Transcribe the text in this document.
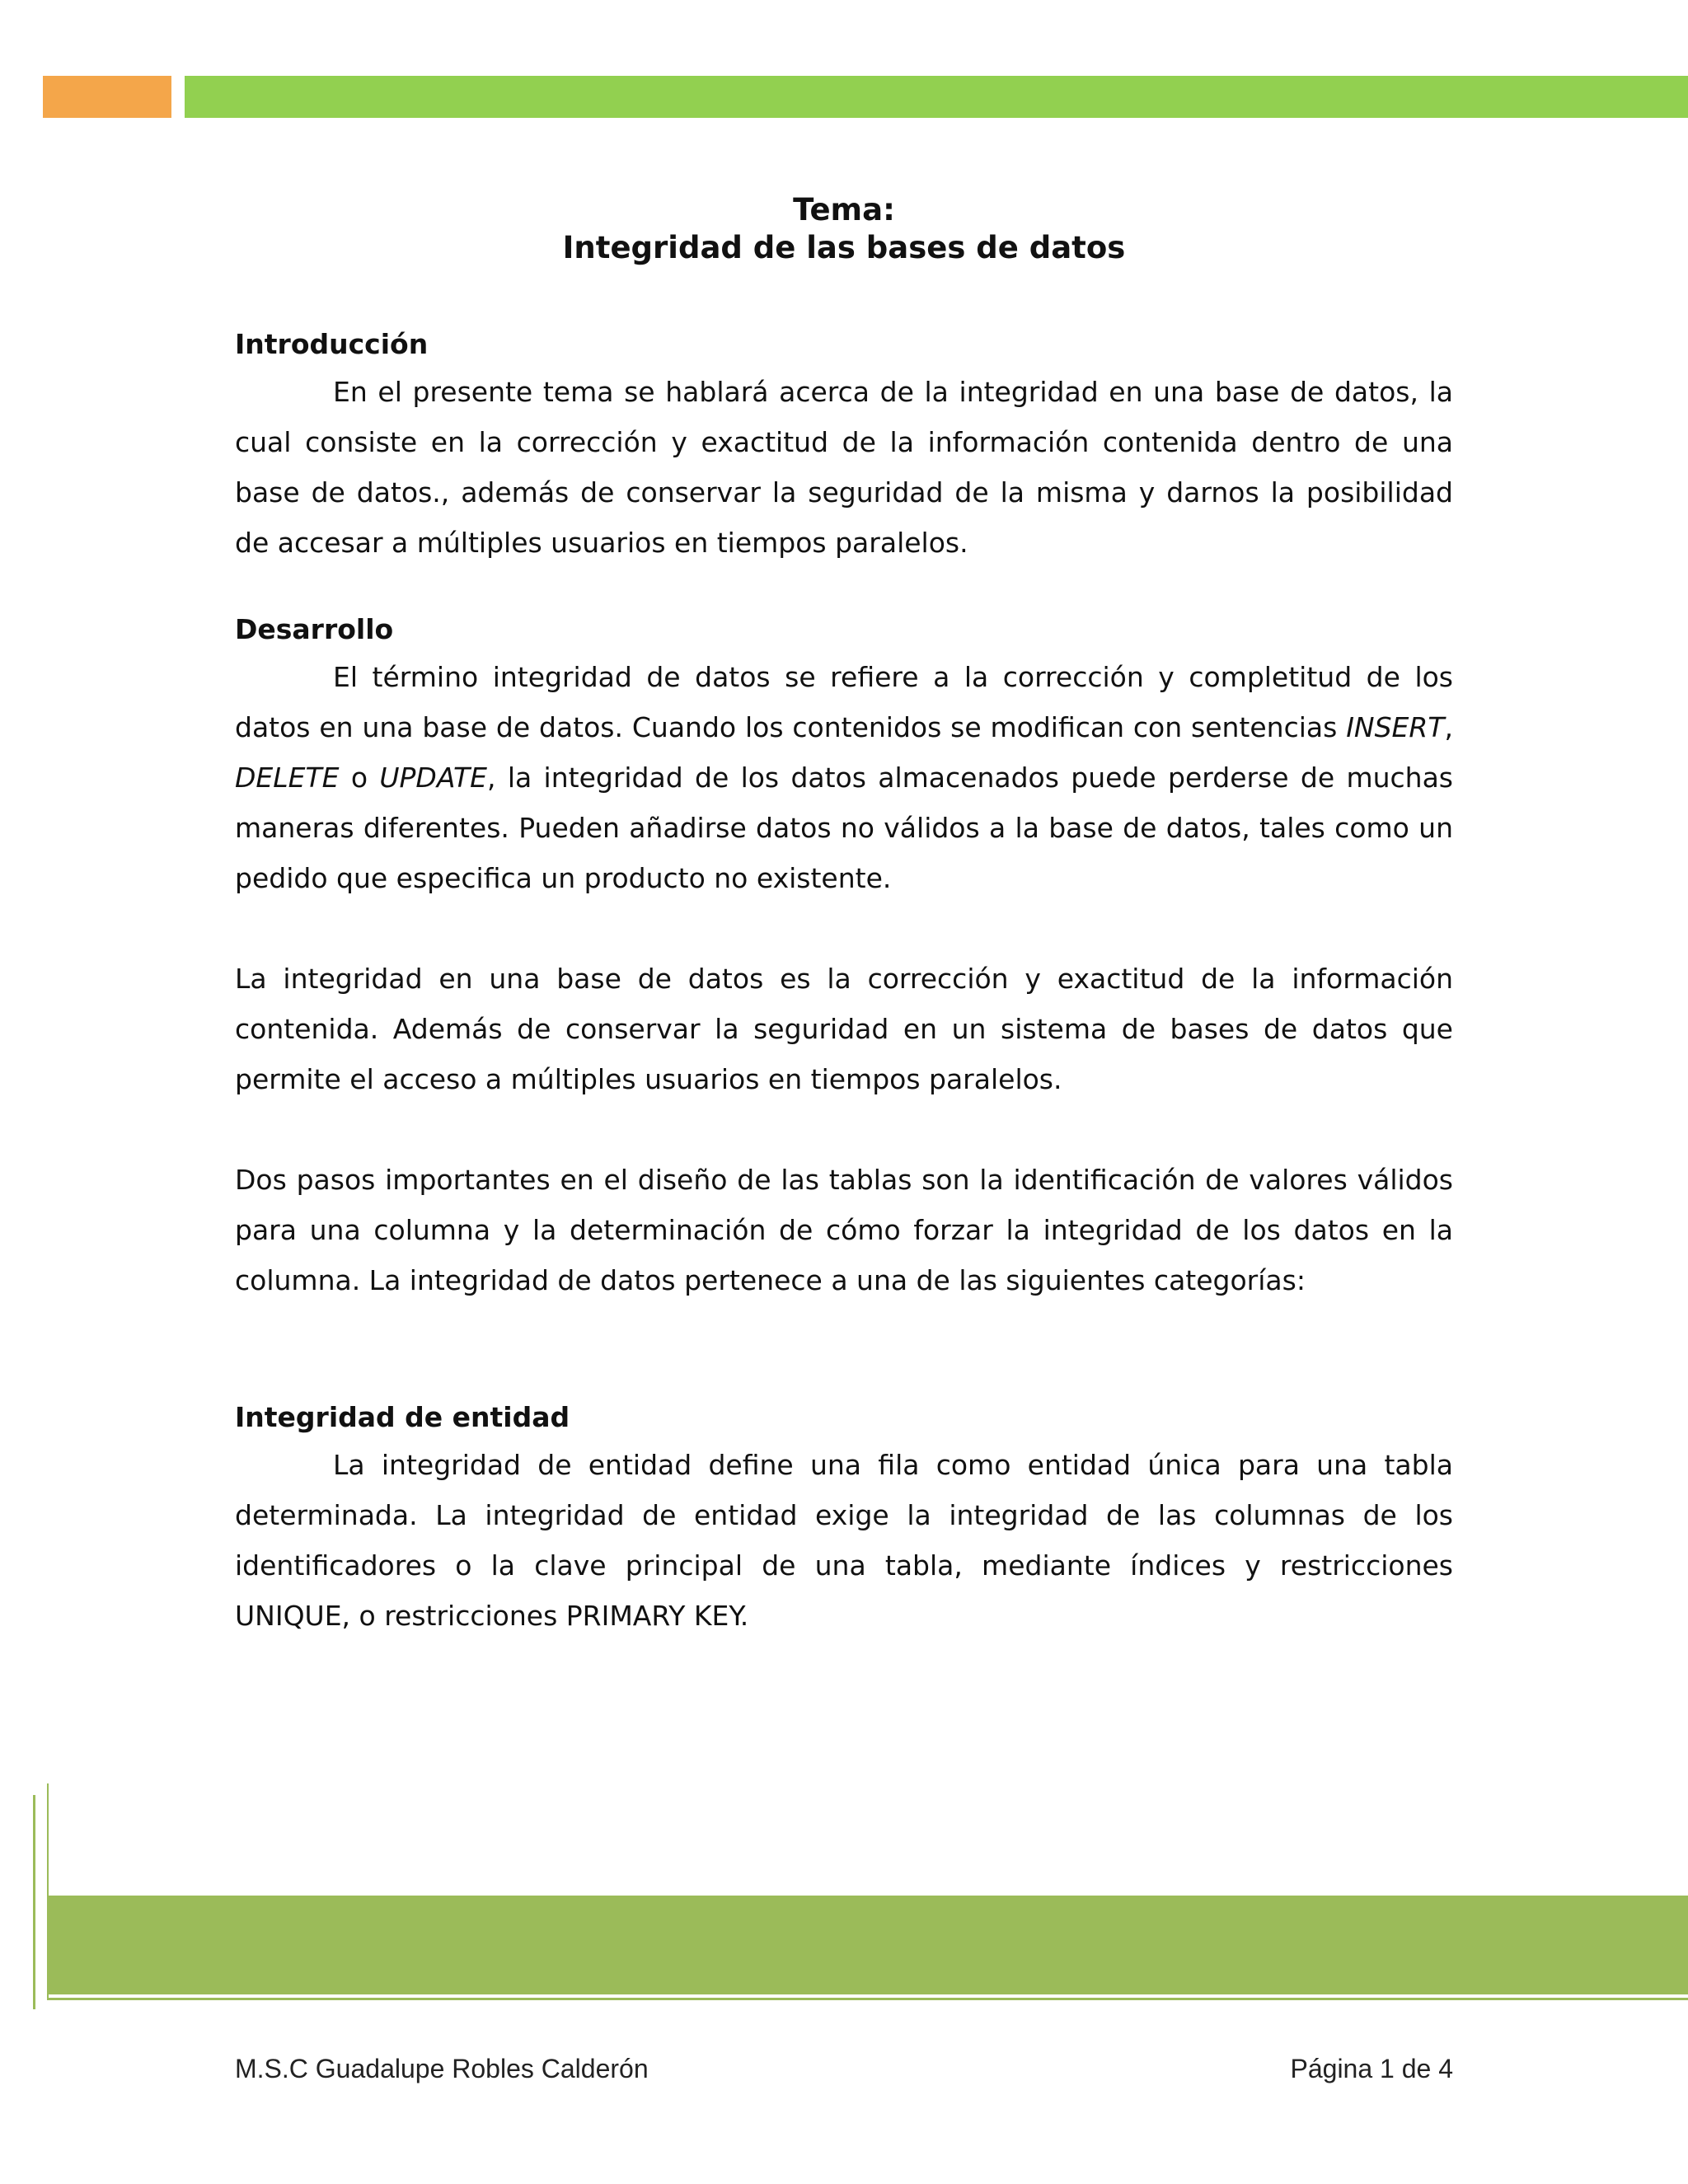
Tema:

Integridad de las bases de datos

Introducción

En el presente tema se hablará acerca de la integridad en una base de datos, la cual consiste en la corrección y exactitud de la información contenida dentro de una base de datos., además de conservar la seguridad de la misma y darnos la posibilidad de accesar a múltiples usuarios en tiempos paralelos.

Desarrollo

El término integridad de datos se refiere a la corrección y completitud de los datos en una base de datos. Cuando los contenidos se modifican con sentencias INSERT, DELETE o UPDATE, la integridad de los datos almacenados puede perderse de muchas maneras diferentes. Pueden añadirse datos no válidos a la base de datos, tales como un pedido que especifica un producto no existente.

La integridad en una base de datos es la corrección y exactitud de la información contenida. Además de conservar la seguridad en un sistema de bases de datos que permite el acceso a múltiples usuarios en tiempos paralelos.

Dos pasos importantes en el diseño de las tablas son la identificación de valores válidos para una columna y la determinación de cómo forzar la integridad de los datos en la columna. La integridad de datos pertenece a una de las siguientes categorías:

Integridad de entidad

La integridad de entidad define una fila como entidad única para una tabla determinada. La integridad de entidad exige la integridad de las columnas de los identificadores o la clave principal de una tabla, mediante índices y restricciones UNIQUE, o restricciones PRIMARY KEY.

M.S.C Guadalupe Robles Calderón	Página 1 de 4
